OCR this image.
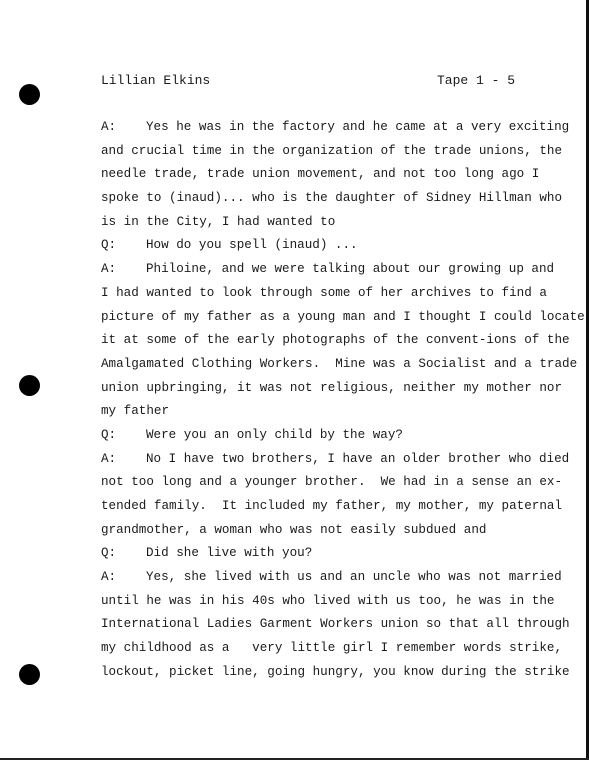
Lillian Elkins	Tape 1 - 5
A: Yes he was in the factory and he came at a very exciting
and crucial time in the organization of the trade unions, the
needle trade, trade union movement, and not too long ago I
spoke to (inaud)... who is the daughter of Sidney Hillman who
is in the City, I had wanted to
Q: How do you spell (inaud) ...
A: Philoine, and we were talking about our growing up and
I had wanted to look through some of her archives to find a
picture of my father as a young man and I thought I could locate
it at some of the early photographs of the convent-ions of the
Amalgamated Clothing Workers.  Mine was a Socialist and a trade
union upbringing, it was not religious, neither my mother nor
my father
Q: Were you an only child by the way?
A: No I have two brothers, I have an older brother who died
not too long and a younger brother.  We had in a sense an ex-
tended family.  It included my father, my mother, my paternal
grandmother, a woman who was not easily subdued and
Q: Did she live with you?
A: Yes, she lived with us and an uncle who was not married
until he was in his 40s who lived with us too, he was in the
International Ladies Garment Workers union so that all through
my childhood as a   very little girl I remember words strike,
lockout, picket line, going hungry, you know during the strike
